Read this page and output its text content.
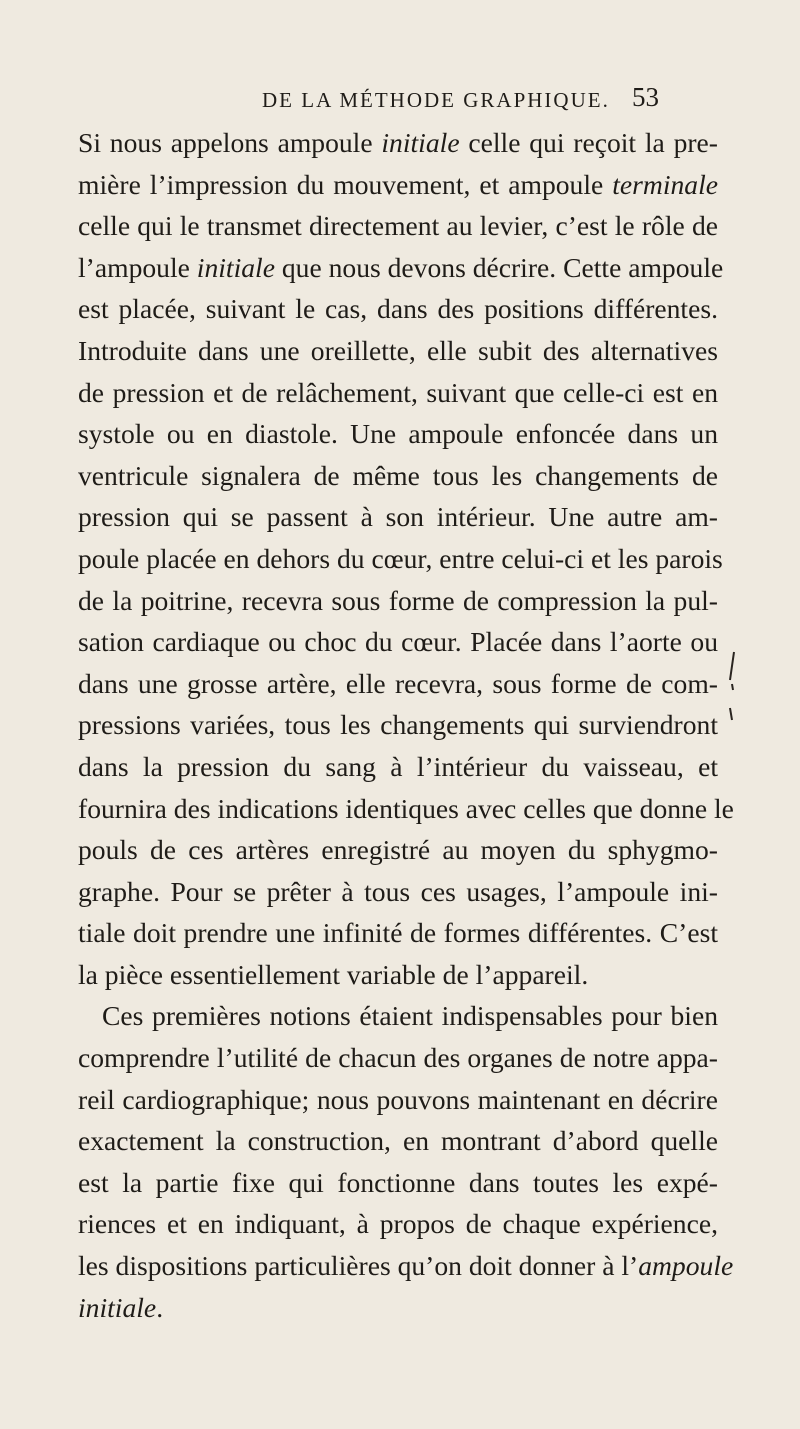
DE LA MÉTHODE GRAPHIQUE. 53
Si nous appelons ampoule initiale celle qui reçoit la pre-
mière l’impression du mouvement, et ampoule terminale
celle qui le transmet directement au levier, c’est le rôle de
l’ampoule initiale que nous devons décrire. Cette ampoule
est placée, suivant le cas, dans des positions différentes.
Introduite dans une oreillette, elle subit des alternatives
de pression et de relâchement, suivant que celle-ci est en
systole ou en diastole. Une ampoule enfoncée dans un
ventricule signalera de même tous les changements de
pression qui se passent à son intérieur. Une autre am-
poule placée en dehors du cœur, entre celui-ci et les parois
de la poitrine, recevra sous forme de compression la pul-
sation cardiaque ou choc du cœur. Placée dans l’aorte ou
dans une grosse artère, elle recevra, sous forme de com-
pressions variées, tous les changements qui surviendront
dans la pression du sang à l’intérieur du vaisseau, et
fournira des indications identiques avec celles que donne le
pouls de ces artères enregistré au moyen du sphygmo-
graphe. Pour se prêter à tous ces usages, l’ampoule ini-
tiale doit prendre une infinité de formes différentes. C’est
la pièce essentiellement variable de l’appareil.
Ces premières notions étaient indispensables pour bien
comprendre l’utilité de chacun des organes de notre appa-
reil cardiographique; nous pouvons maintenant en décrire
exactement la construction, en montrant d’abord quelle
est la partie fixe qui fonctionne dans toutes les expé-
riences et en indiquant, à propos de chaque expérience,
les dispositions particulières qu’on doit donner à l’ampoule
initiale.
